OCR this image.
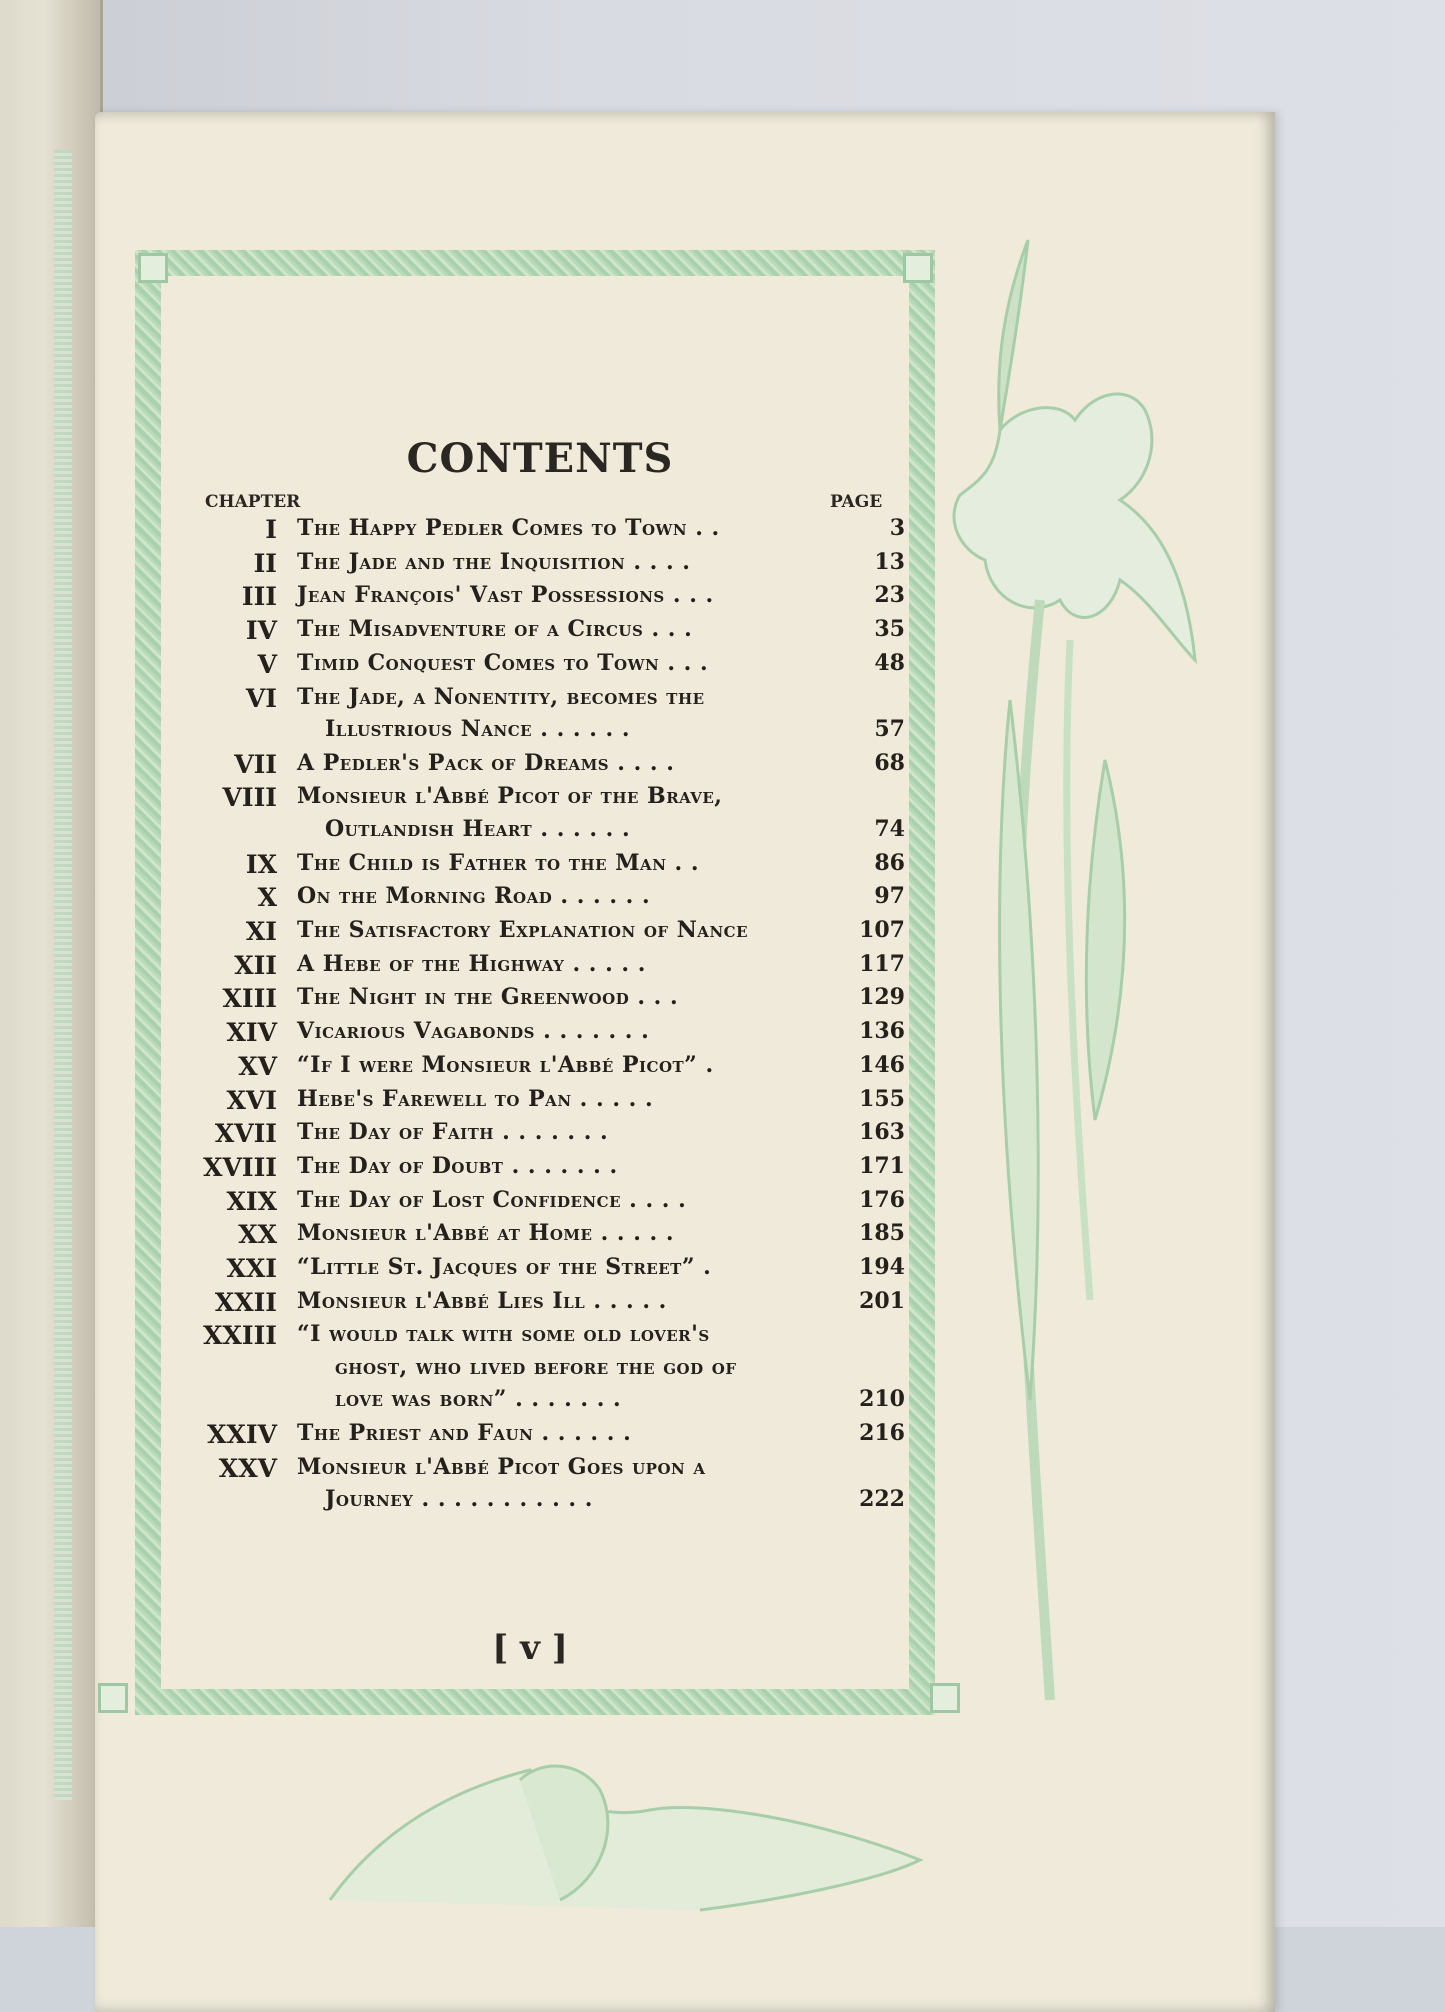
CONTENTS
CHAPTER	PAGE
I The Happy Pedler Comes to Town . .	3
II The Jade and the Inquisition . . . .	13
III Jean François' Vast Possessions . . .	23
IV The Misadventure of a Circus . . .	35
V Timid Conquest Comes to Town . . .	48
VI The Jade, a Nonentity, becomes the
Illustrious Nance . . . . . .	57
VII A Pedler's Pack of Dreams . . . .	68
VIII Monsieur l'Abbé Picot of the Brave,
Outlandish Heart . . . . . .	74
IX The Child is Father to the Man . .	86
X On the Morning Road . . . . . .	97
XI The Satisfactory Explanation of Nance	107
XII A Hebe of the Highway . . . . .	117
XIII The Night in the Greenwood . . .	129
XIV Vicarious Vagabonds . . . . . . .	136
XV “If I were Monsieur l'Abbé Picot” .	146
XVI Hebe's Farewell to Pan . . . . .	155
XVII The Day of Faith . . . . . . .	163
XVIII The Day of Doubt . . . . . . .	171
XIX The Day of Lost Confidence . . . .	176
XX Monsieur l'Abbé at Home . . . . .	185
XXI “Little St. Jacques of the Street” .	194
XXII Monsieur l'Abbé Lies Ill . . . . .	201
XXIII “I would talk with some old lover's
ghost, who lived before the god of
love was born” . . . . . . .	210
XXIV The Priest and Faun . . . . . .	216
XXV Monsieur l'Abbé Picot Goes upon a
Journey . . . . . . . . . . .	222
[ v ]
